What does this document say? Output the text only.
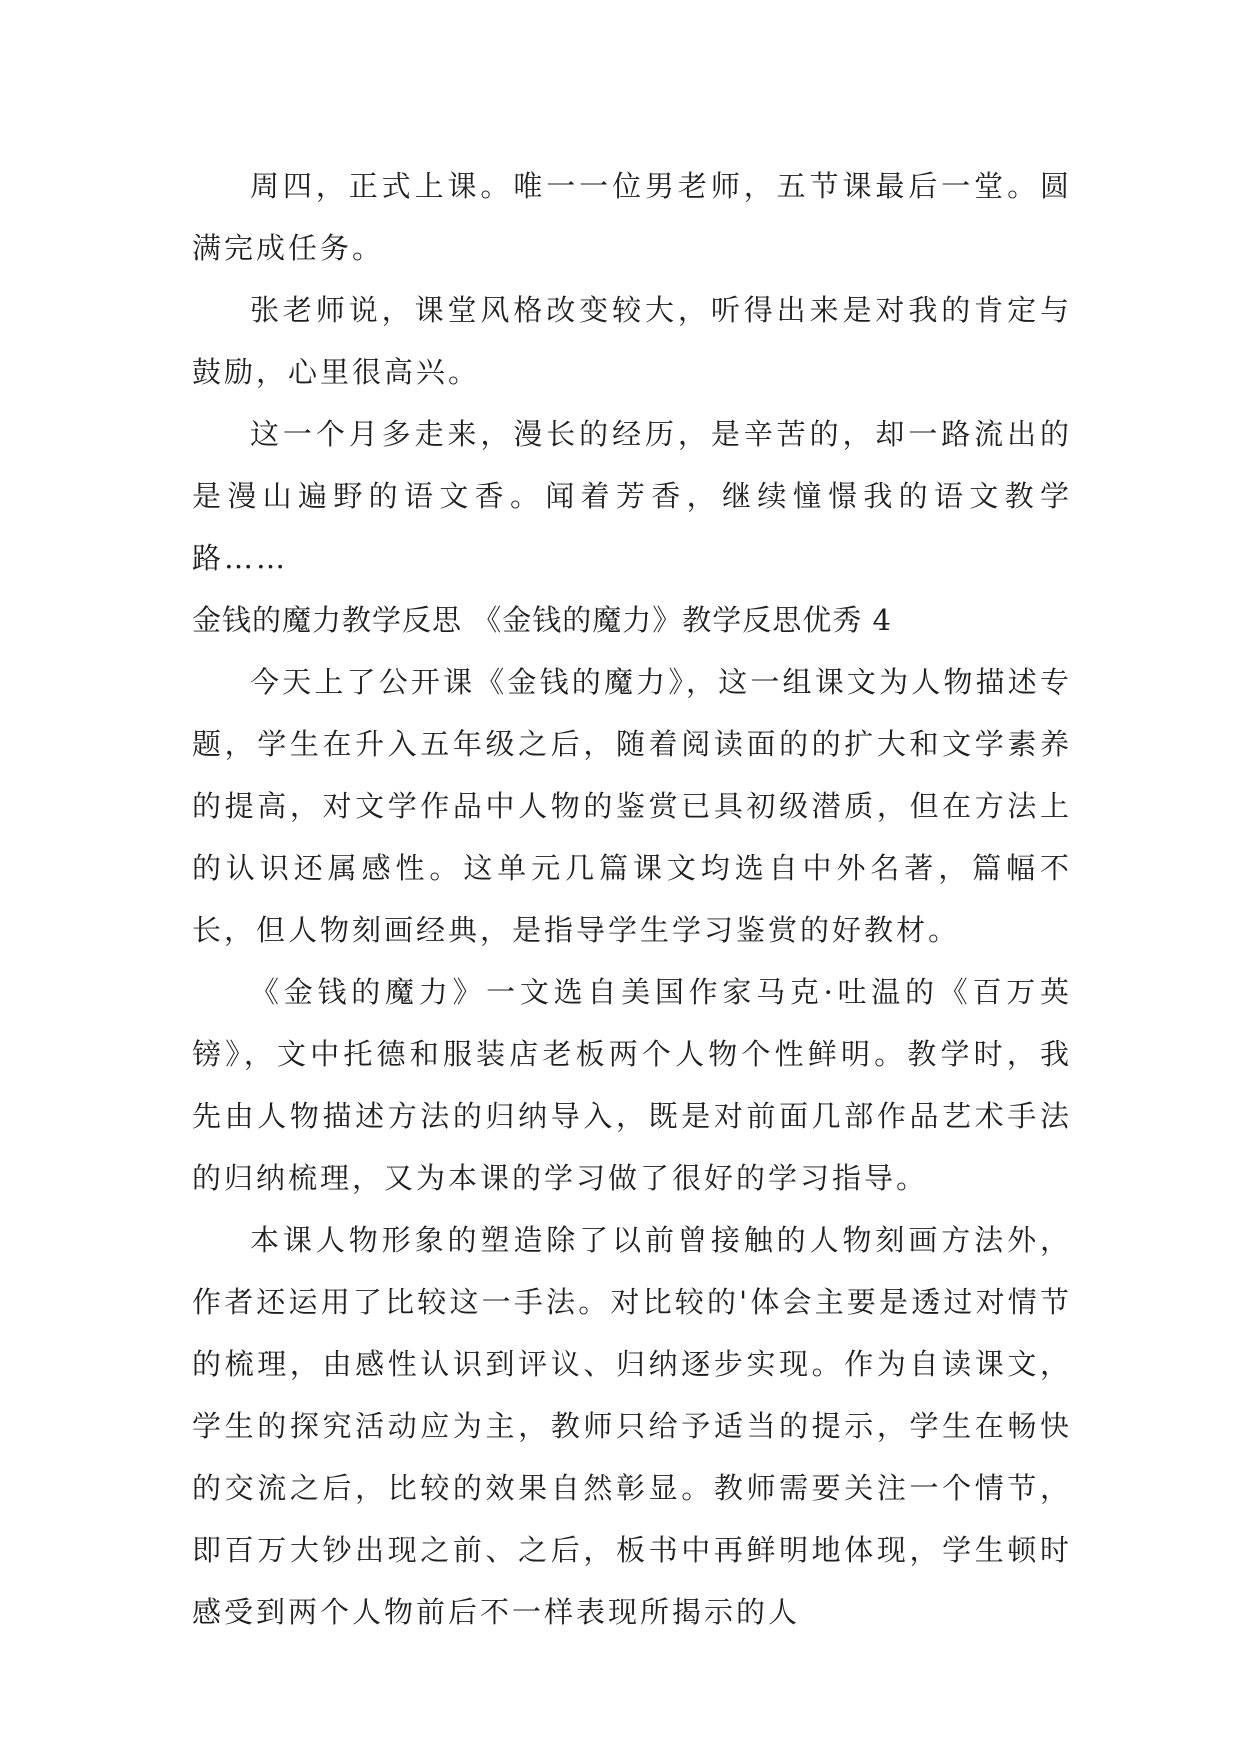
周四，正式上课。唯一一位男老师，五节课最后一堂。圆满完成任务。

张老师说，课堂风格改变较大，听得出来是对我的肯定与鼓励，心里很高兴。

这一个月多走来，漫长的经历，是辛苦的，却一路流出的是漫山遍野的语文香。闻着芳香，继续憧憬我的语文教学路……

金钱的魔力教学反思 《金钱的魔力》教学反思优秀 4

今天上了公开课《金钱的魔力》，这一组课文为人物描述专题，学生在升入五年级之后，随着阅读面的的扩大和文学素养的提高，对文学作品中人物的鉴赏已具初级潜质，但在方法上的认识还属感性。这单元几篇课文均选自中外名著，篇幅不长，但人物刻画经典，是指导学生学习鉴赏的好教材。

《金钱的魔力》一文选自美国作家马克·吐温的《百万英镑》，文中托德和服装店老板两个人物个性鲜明。教学时，我先由人物描述方法的归纳导入，既是对前面几部作品艺术手法的归纳梳理，又为本课的学习做了很好的学习指导。

本课人物形象的塑造除了以前曾接触的人物刻画方法外，作者还运用了比较这一手法。对比较的'体会主要是透过对情节的梳理，由感性认识到评议、归纳逐步实现。作为自读课文，学生的探究活动应为主，教师只给予适当的提示，学生在畅快的交流之后，比较的效果自然彰显。教师需要关注一个情节，即百万大钞出现之前、之后，板书中再鲜明地体现，学生顿时感受到两个人物前后不一样表现所揭示的人
